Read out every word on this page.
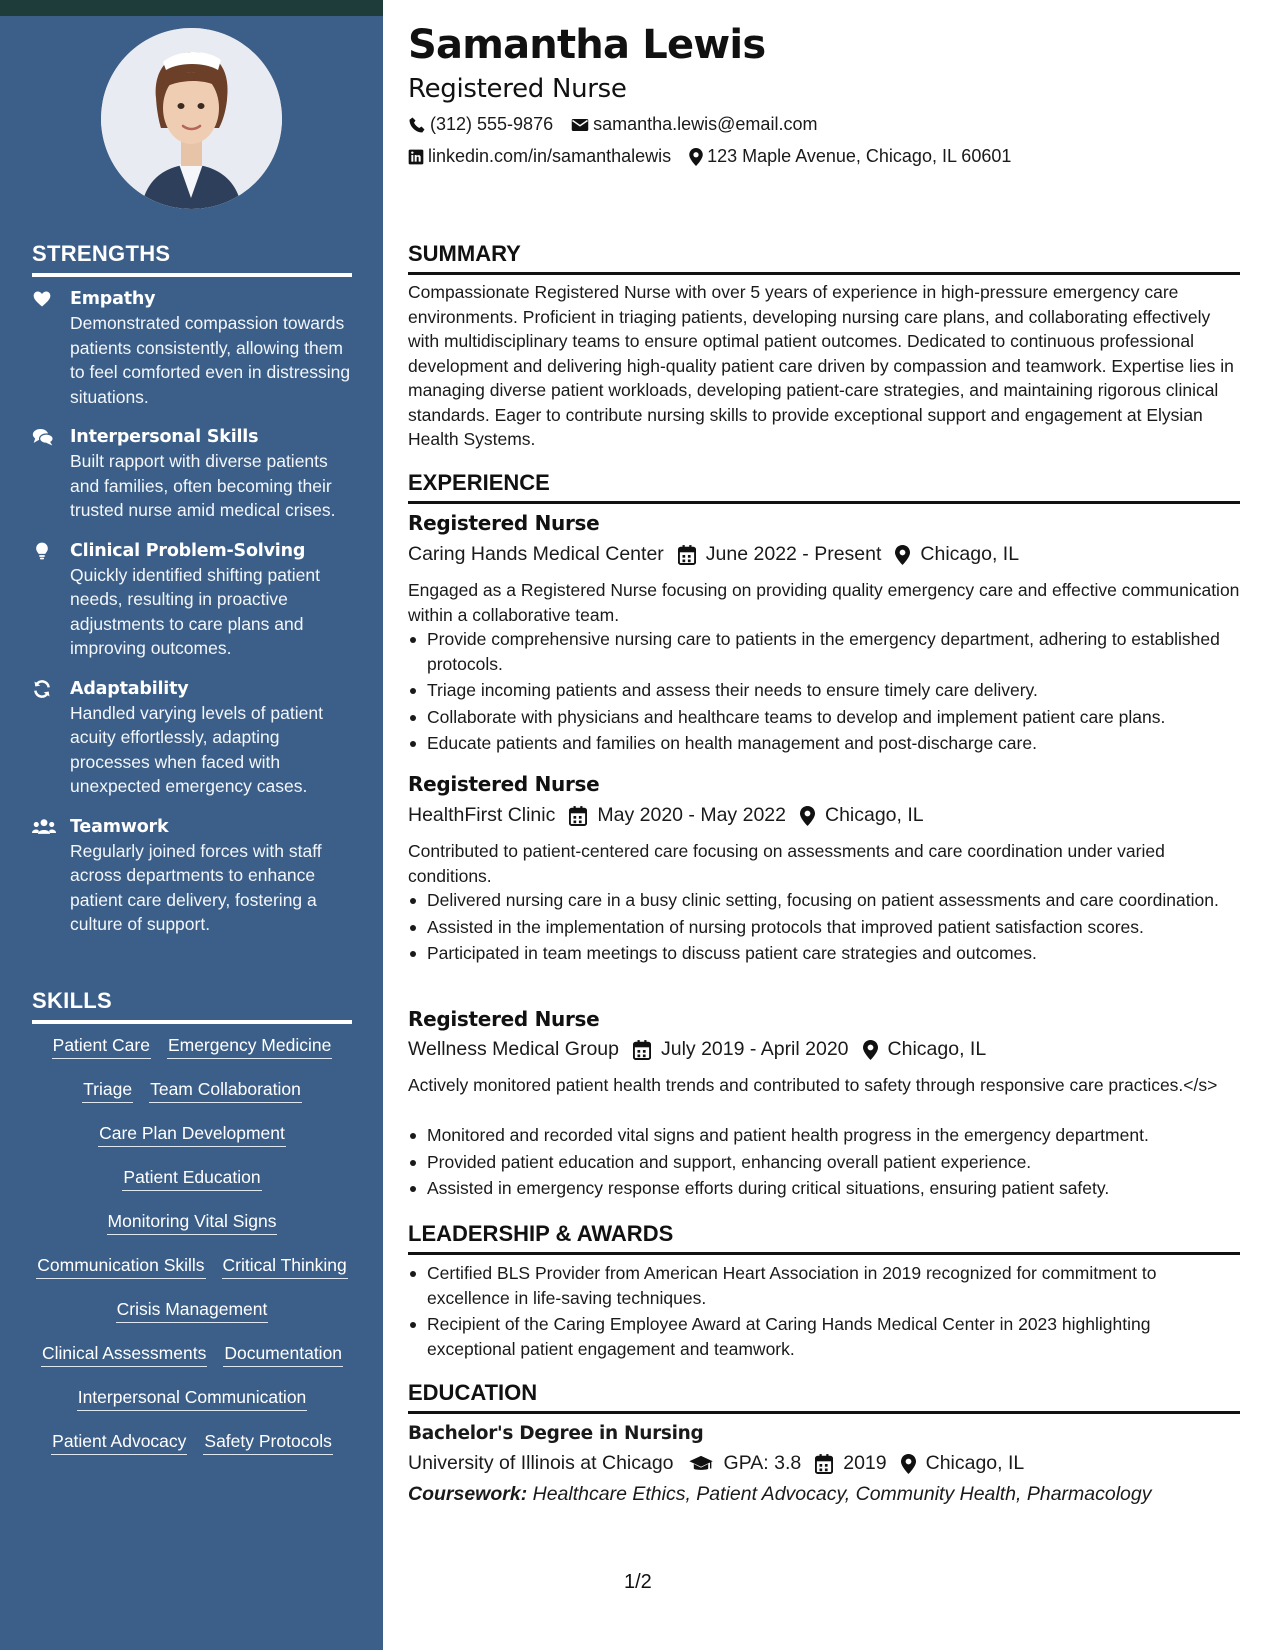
STRENGTHS
Empathy
Demonstrated compassion towards patients consistently, allowing them to feel comforted even in distressing situations.
Interpersonal Skills
Built rapport with diverse patients and families, often becoming their trusted nurse amid medical crises.
Clinical Problem-Solving
Quickly identified shifting patient needs, resulting in proactive adjustments to care plans and improving outcomes.
Adaptability
Handled varying levels of patient acuity effortlessly, adapting processes when faced with unexpected emergency cases.
Teamwork
Regularly joined forces with staff across departments to enhance patient care delivery, fostering a culture of support.
SKILLS
Patient Care Emergency Medicine
Triage Team Collaboration
Care Plan Development
Patient Education
Monitoring Vital Signs
Communication Skills Critical Thinking
Crisis Management
Clinical Assessments Documentation
Interpersonal Communication
Patient Advocacy Safety Protocols
Samantha Lewis
Registered Nurse
(312) 555-9876 samantha.lewis@email.com
linkedin.com/in/samanthalewis 123 Maple Avenue, Chicago, IL 60601
SUMMARY
Compassionate Registered Nurse with over 5 years of experience in high-pressure emergency care environments. Proficient in triaging patients, developing nursing care plans, and collaborating effectively with multidisciplinary teams to ensure optimal patient outcomes. Dedicated to continuous professional development and delivering high-quality patient care driven by compassion and teamwork. Expertise lies in managing diverse patient workloads, developing patient-care strategies, and maintaining rigorous clinical standards. Eager to contribute nursing skills to provide exceptional support and engagement at Elysian Health Systems.
EXPERIENCE
Registered Nurse
Caring Hands Medical Center June 2022 - Present Chicago, IL
Engaged as a Registered Nurse focusing on providing quality emergency care and effective communication within a collaborative team.
Provide comprehensive nursing care to patients in the emergency department, adhering to established protocols.
Triage incoming patients and assess their needs to ensure timely care delivery.
Collaborate with physicians and healthcare teams to develop and implement patient care plans.
Educate patients and families on health management and post-discharge care.
Registered Nurse
HealthFirst Clinic May 2020 - May 2022 Chicago, IL
Contributed to patient-centered care focusing on assessments and care coordination under varied conditions.
Delivered nursing care in a busy clinic setting, focusing on patient assessments and care coordination.
Assisted in the implementation of nursing protocols that improved patient satisfaction scores.
Participated in team meetings to discuss patient care strategies and outcomes.
Registered Nurse
Wellness Medical Group July 2019 - April 2020 Chicago, IL
Actively monitored patient health trends and contributed to safety through responsive care practices.</s>
Monitored and recorded vital signs and patient health progress in the emergency department.
Provided patient education and support, enhancing overall patient experience.
Assisted in emergency response efforts during critical situations, ensuring patient safety.
LEADERSHIP & AWARDS
Certified BLS Provider from American Heart Association in 2019 recognized for commitment to excellence in life-saving techniques.
Recipient of the Caring Employee Award at Caring Hands Medical Center in 2023 highlighting exceptional patient engagement and teamwork.
EDUCATION
Bachelor's Degree in Nursing
University of Illinois at Chicago	GPA: 3.8 2019 Chicago, IL
Coursework: Healthcare Ethics, Patient Advocacy, Community Health, Pharmacology
1/2
